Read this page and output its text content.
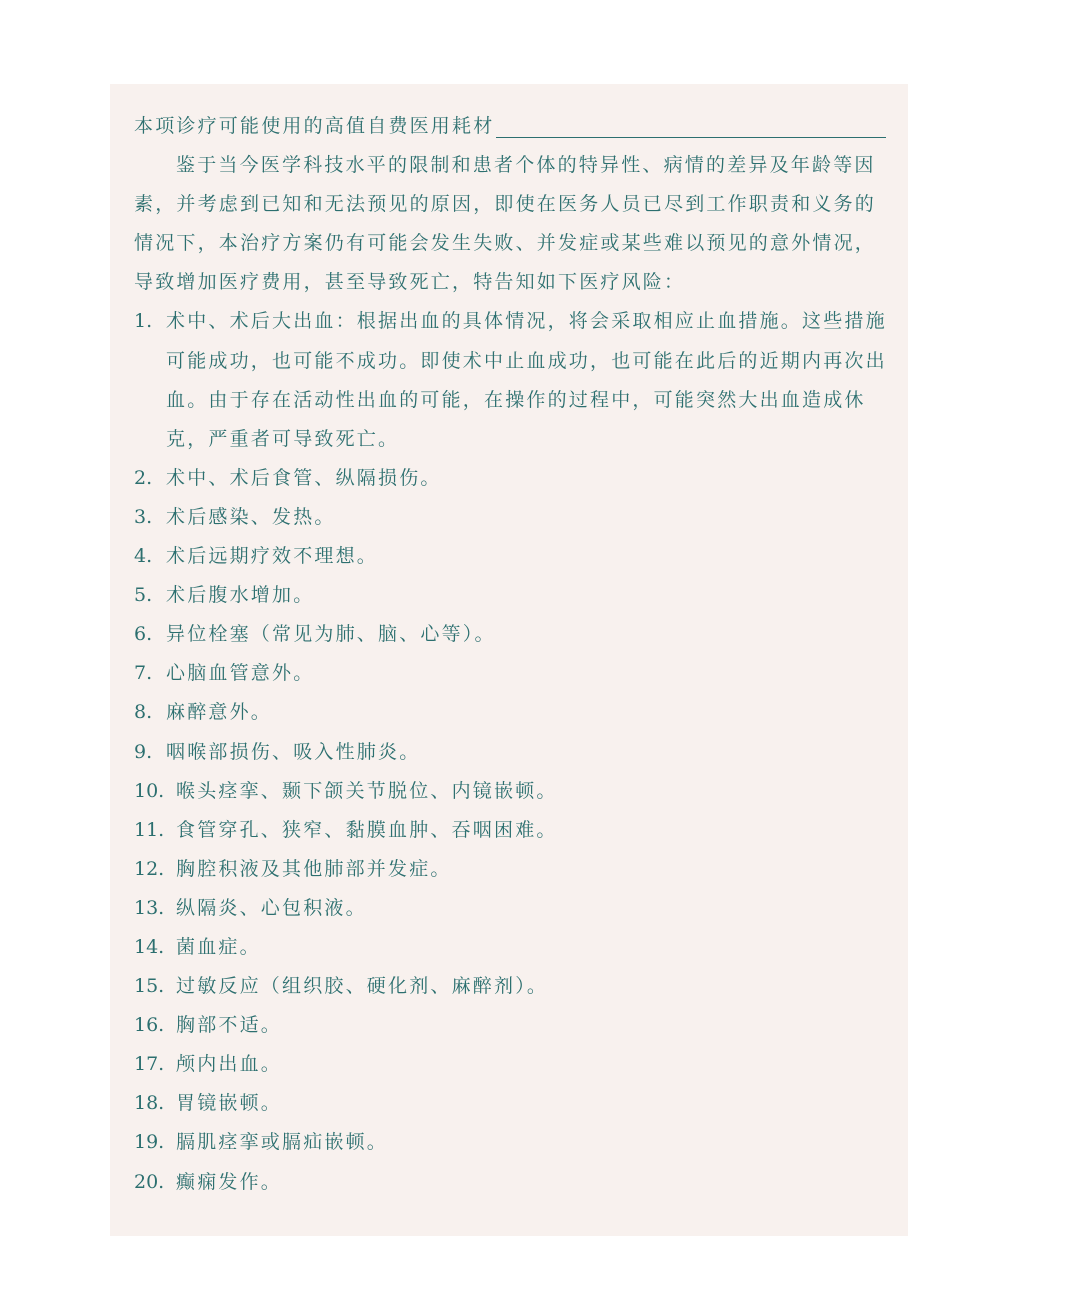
本项诊疗可能使用的高值自费医用耗材
鉴于当今医学科技水平的限制和患者个体的特异性、病情的差异及年龄等因
素，并考虑到已知和无法预见的原因，即使在医务人员已尽到工作职责和义务的
情况下，本治疗方案仍有可能会发生失败、并发症或某些难以预见的意外情况，
导致增加医疗费用，甚至导致死亡，特告知如下医疗风险：
1. 术中、术后大出血：根据出血的具体情况，将会采取相应止血措施。这些措施
可能成功，也可能不成功。即使术中止血成功，也可能在此后的近期内再次出
血。由于存在活动性出血的可能，在操作的过程中，可能突然大出血造成休
克，严重者可导致死亡。
2. 术中、术后食管、纵隔损伤。
3. 术后感染、发热。
4. 术后远期疗效不理想。
5. 术后腹水增加。
6. 异位栓塞（常见为肺、脑、心等）。
7. 心脑血管意外。
8. 麻醉意外。
9. 咽喉部损伤、吸入性肺炎。
10. 喉头痉挛、颞下颌关节脱位、内镜嵌顿。
11. 食管穿孔、狭窄、黏膜血肿、吞咽困难。
12. 胸腔积液及其他肺部并发症。
13. 纵隔炎、心包积液。
14. 菌血症。
15. 过敏反应（组织胶、硬化剂、麻醉剂）。
16. 胸部不适。
17. 颅内出血。
18. 胃镜嵌顿。
19. 膈肌痉挛或膈疝嵌顿。
20. 癫痫发作。
